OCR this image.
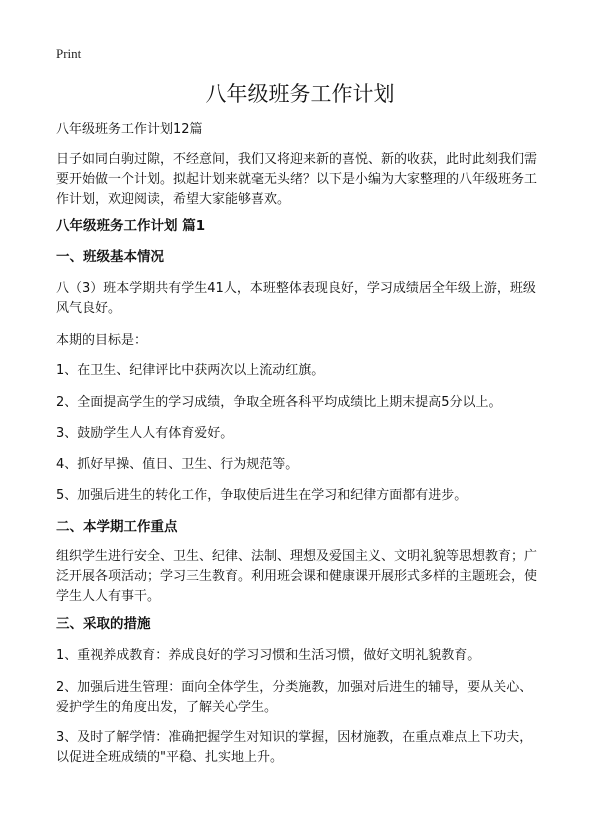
Print
八年级班务工作计划

八年级班务工作计划12篇

日子如同白驹过隙，不经意间，我们又将迎来新的喜悦、新的收获，此时此刻我们需要开始做一个计划。拟起计划来就毫无头绪？以下是小编为大家整理的八年级班务工作计划，欢迎阅读，希望大家能够喜欢。

八年级班务工作计划 篇1

一、班级基本情况

八（3）班本学期共有学生41人，本班整体表现良好，学习成绩居全年级上游，班级风气良好。

本期的目标是：

1、在卫生、纪律评比中获两次以上流动红旗。

2、全面提高学生的学习成绩，争取全班各科平均成绩比上期末提高5分以上。

3、鼓励学生人人有体育爱好。

4、抓好早操、值日、卫生、行为规范等。

5、加强后进生的转化工作，争取使后进生在学习和纪律方面都有进步。

二、本学期工作重点

组织学生进行安全、卫生、纪律、法制、理想及爱国主义、文明礼貌等思想教育；广泛开展各项活动；学习三生教育。利用班会课和健康课开展形式多样的主题班会，使学生人人有事干。

三、采取的措施

1、重视养成教育：养成良好的学习习惯和生活习惯，做好文明礼貌教育。

2、加强后进生管理：面向全体学生，分类施教，加强对后进生的辅导，要从关心、爱护学生的角度出发，了解关心学生。

3、及时了解学情：准确把握学生对知识的掌握，因材施教，在重点难点上下功夫，以促进全班成绩的"平稳、扎实地上升。
